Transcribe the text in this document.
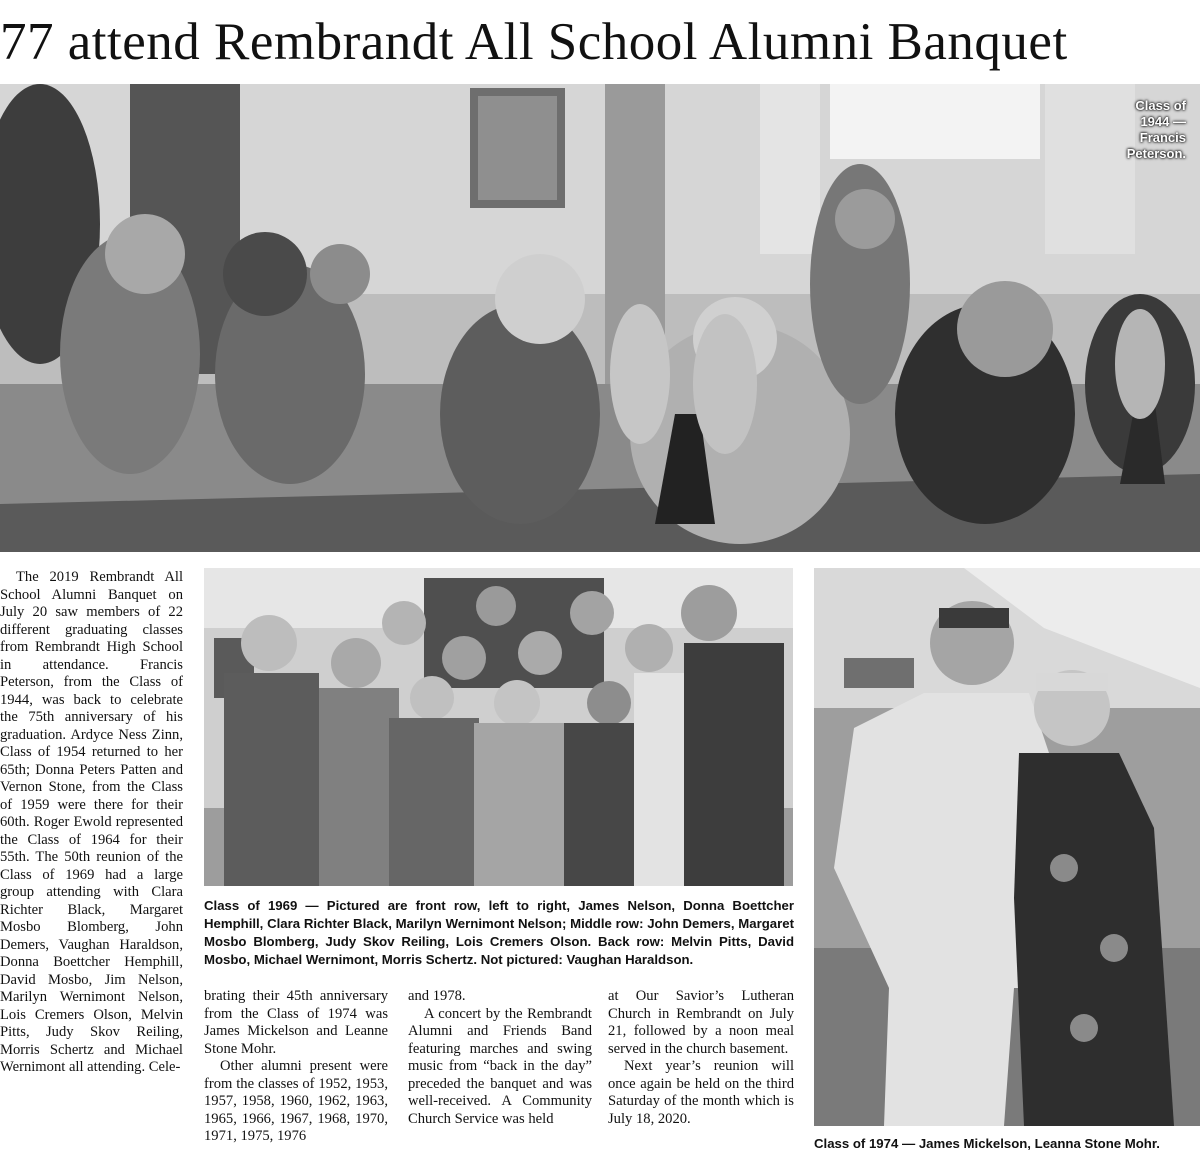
77 attend Rembrandt All School Alumni Banquet
Class of 1944 — Francis Peterson.

The 2019 Rembrandt All School Alumni Banquet on July 20 saw members of 22 different graduating classes from Rembrandt High School in attendance. Francis Peterson, from the Class of 1944, was back to celebrate the 75th anniversary of his graduation. Ardyce Ness Zinn, Class of 1954 returned to her 65th; Donna Peters Patten and Vernon Stone, from the Class of 1959 were there for their 60th. Roger Ewold represented the Class of 1964 for their 55th. The 50th reunion of the Class of 1969 had a large group attending with Clara Richter Black, Margaret Mosbo Blomberg, John Demers, Vaughan Haraldson, Donna Boettcher Hemphill, David Mosbo, Jim Nelson, Marilyn Wernimont Nelson, Lois Cremers Olson, Melvin Pitts, Judy Skov Reiling, Morris Schertz and Michael Wernimont all attending. Cele-

Class of 1969 — Pictured are front row, left to right, James Nelson, Donna Boettcher Hemphill, Clara Richter Black, Marilyn Wernimont Nelson; Middle row: John Demers, Margaret Mosbo Blomberg, Judy Skov Reiling, Lois Cremers Olson. Back row: Melvin Pitts, David Mosbo, Michael Wernimont, Morris Schertz. Not pictured: Vaughan Haraldson.
Class of 1974 — James Mickelson, Leanna Stone Mohr.

brating their 45th anniversary from the Class of 1974 was James Mickelson and Leanne Stone Mohr.

Other alumni present were from the classes of 1952, 1953, 1957, 1958, 1960, 1962, 1963, 1965, 1966, 1967, 1968, 1970, 1971, 1975, 1976

and 1978.

A concert by the Rembrandt Alumni and Friends Band featuring marches and swing music from “back in the day” preceded the banquet and was well-received. A Community Church Service was held

at Our Savior’s Lutheran Church in Rembrandt on July 21, followed by a noon meal served in the church basement.

Next year’s reunion will once again be held on the third Saturday of the month which is July 18, 2020.
